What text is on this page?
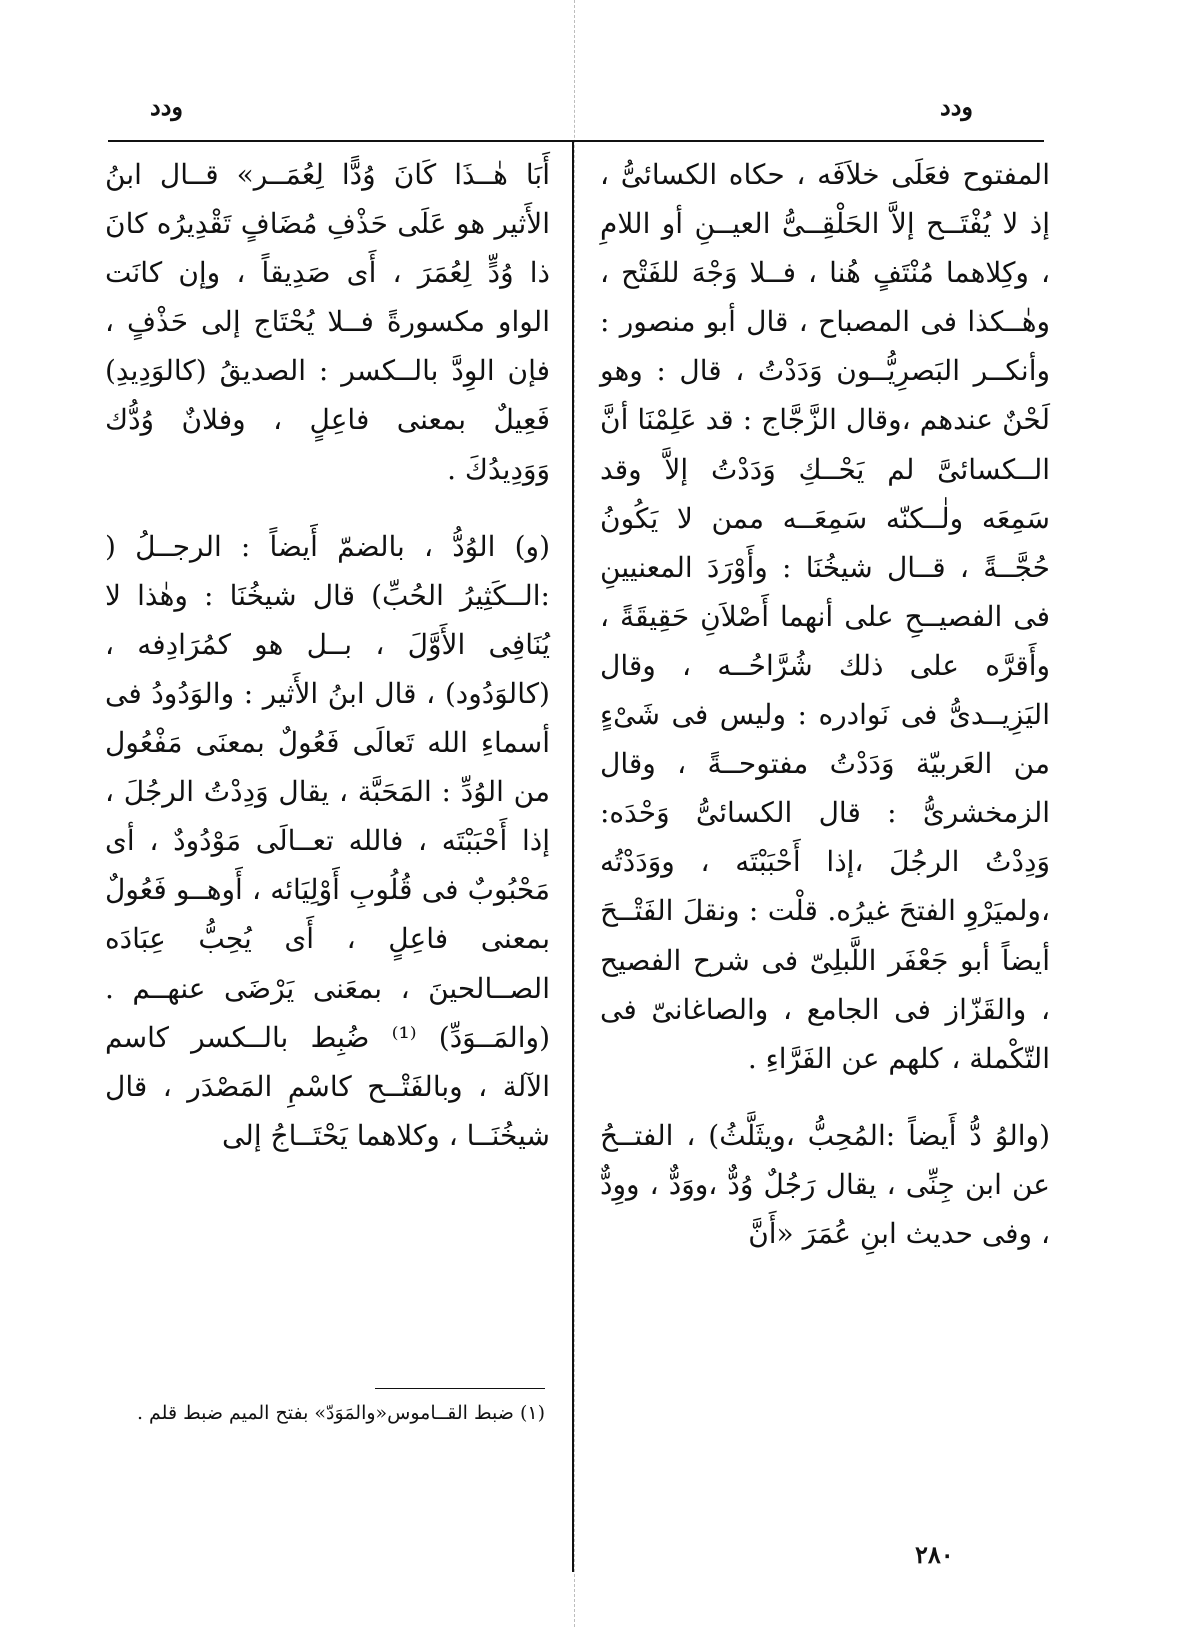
ودد
ودد

المفتوح فعَلَى خلاَفَه ، حكاه الكسائىُّ ، إذ لا يُفْتَــح إلاَّ الحَلْقِــىُّ العيــنِ أو اللامِ ، وكِلاهما مُنْتَفٍ هُنا ، فــلا وَجْهَ للفَتْح ، وهٰــكذا فى المصباح ، قال أبو منصور : وأنكــر البَصرِيُّــون وَدَدْتُ ، قال : وهو لَحْنٌ عندهم ،وقال الزَّجَّاج : قد عَلِمْنَا أنَّ الــكسائىَّ لم يَحْــكِ وَدَدْتُ إلاَّ وقد سَمِعَه ولٰــكنّه سَمِعَــه ممن لا يَكُونُ حُجَّــةً ، قــال شيخُنَا : وأَوْرَدَ المعنيينِ فى الفصيــحِ على أنهما أَصْلاَنِ حَقِيقَةً ، وأَقرَّه على ذلك شُرَّاحُــه ، وقال اليَزِيــدىُّ فى نَوادره : وليس فى شَىْءٍ من العَربيّة وَدَدْتُ مفتوحــةً ، وقال الزمخشرىُّ : قال الكسائىُّ وَحْدَه: وَدِدْتُ الرجُلَ ،إذا أَحْبَبْتَه ، ووَدَدْتُه ،ولميَرْوِ الفتحَ غيرُه. قلْت : ونقلَ الفَتْــحَ أيضاً أبو جَعْفَر اللَّبلِىّ فى شرح الفصيح ، والقَزّاز فى الجامع ، والصاغانىّ فى التّكْملة ، كلهم عن الفَرَّاءِ .

(والوُ دُّ أَيضاً :المُحِبُّ ،ويثَلَّثُ) ، الفتــحُ عن ابن جِنِّى ، يقال رَجُلٌ وُدٌّ ،ووَدٌّ ، ووِدٌّ ، وفى حديث ابنِ عُمَرَ «أَنَّ

أَبَا هٰــذَا كَانَ وُدًّا لِعُمَــر» قــال ابنُ الأَثير هو عَلَى حَذْفِ مُضَافٍ تَقْدِيرُه كانَ ذا وُدٍّ لِعُمَرَ ، أَى صَدِيقاً ، وإن كانَت الواو مكسورةً فــلا يُحْتَاج إلى حَذْفٍ ، فإن الوِدَّ بالــكسر : الصديقُ (كالوَدِيدِ) فَعِيلٌ بمعنى فاعِلٍ ، وفلانٌ وُدُّك وَوَدِيدُكَ .

(و) الوُدُّ ، بالضمّ أَيضاً : الرجــلُ ( :الــكَثِيرُ الحُبِّ) قال شيخُنَا : وهٰذا لا يُنَافِى الأَوَّلَ ، بــل هو كمُرَادِفه ، (كالوَدُود) ، قال ابنُ الأَثير : والوَدُودُ فى أسماءِ الله تَعالَى فَعُولٌ بمعنَى مَفْعُول من الوُدِّ : المَحَبَّة ، يقال وَدِدْتُ الرجُلَ ، إذا أَحْبَبْتَه ، فالله تعــالَى مَوْدُودٌ ، أى مَحْبُوبٌ فى قُلُوبِ أَوْلِيَائه ، أَوهــو فَعُولٌ بمعنى فاعِلٍ ، أَى يُحِبُّ عِبَادَه الصــالحينَ ، بمعَنى يَرْضَى عنهــم . (والمَــوَدِّ) ⁽¹⁾ ضُبِط بالــكسر كاسم الآلة ، وبالفَتْــح كاسْمِ المَصْدَر ، قال شيخُنَــا ، وكلاهما يَحْتَــاجُ إلى

(١) ضبط القــاموس«والمَوَدّ» بفتح الميم ضبط قلم .
٢٨٠
